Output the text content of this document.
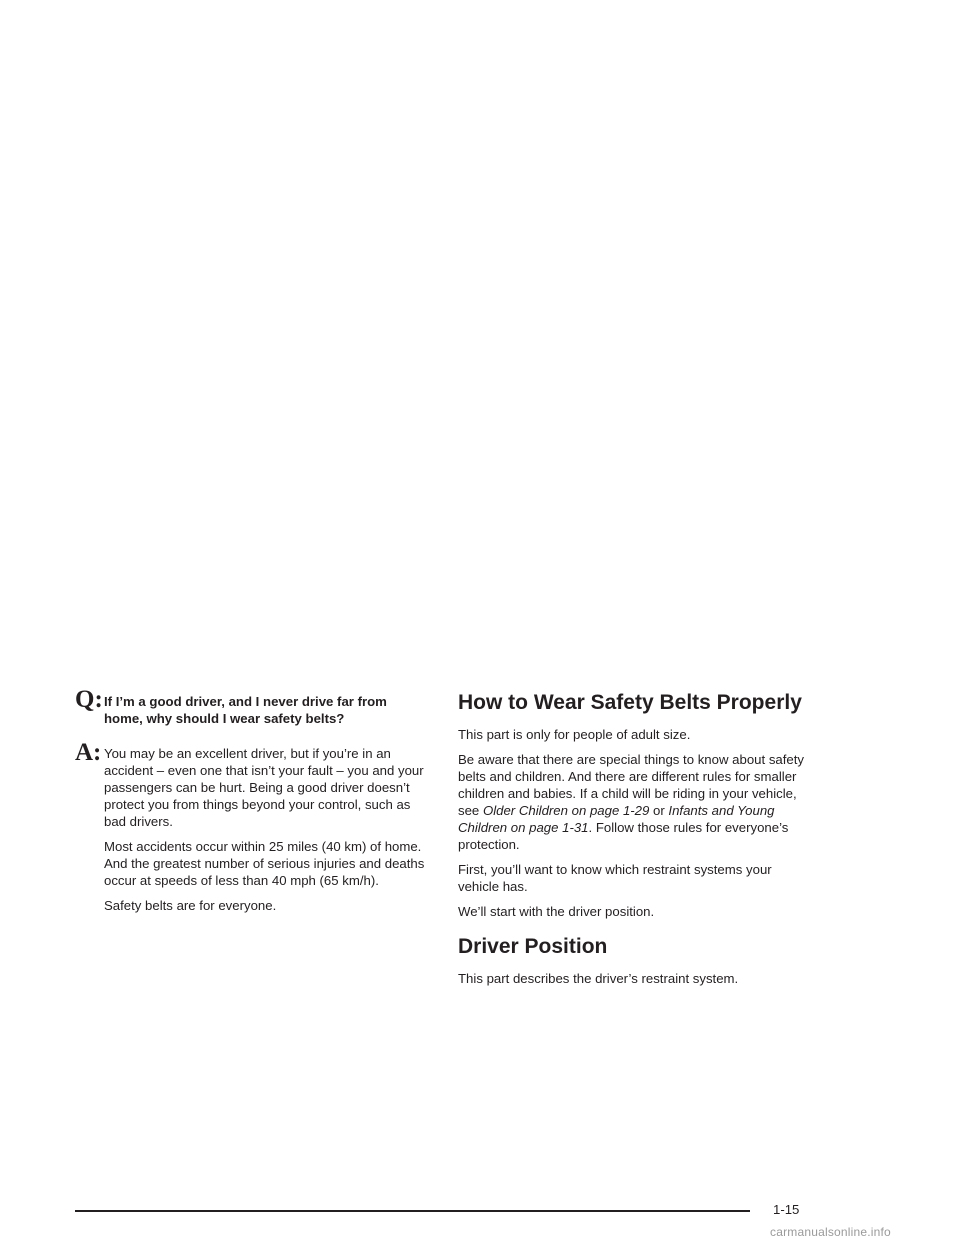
Q: If I’m a good driver, and I never drive far from home, why should I wear safety belts?

A: You may be an excellent driver, but if you’re in an accident – even one that isn’t your fault – you and your passengers can be hurt. Being a good driver doesn’t protect you from things beyond your control, such as bad drivers.

Most accidents occur within 25 miles (40 km) of home. And the greatest number of serious injuries and deaths occur at speeds of less than 40 mph (65 km/h).

Safety belts are for everyone.

How to Wear Safety Belts Properly

This part is only for people of adult size.

Be aware that there are special things to know about safety belts and children. And there are different rules for smaller children and babies. If a child will be riding in your vehicle, see Older Children on page 1-29 or Infants and Young Children on page 1-31. Follow those rules for everyone’s protection.

First, you’ll want to know which restraint systems your vehicle has.

We’ll start with the driver position.

Driver Position

This part describes the driver’s restraint system.

1-15
carmanualsonline.info
